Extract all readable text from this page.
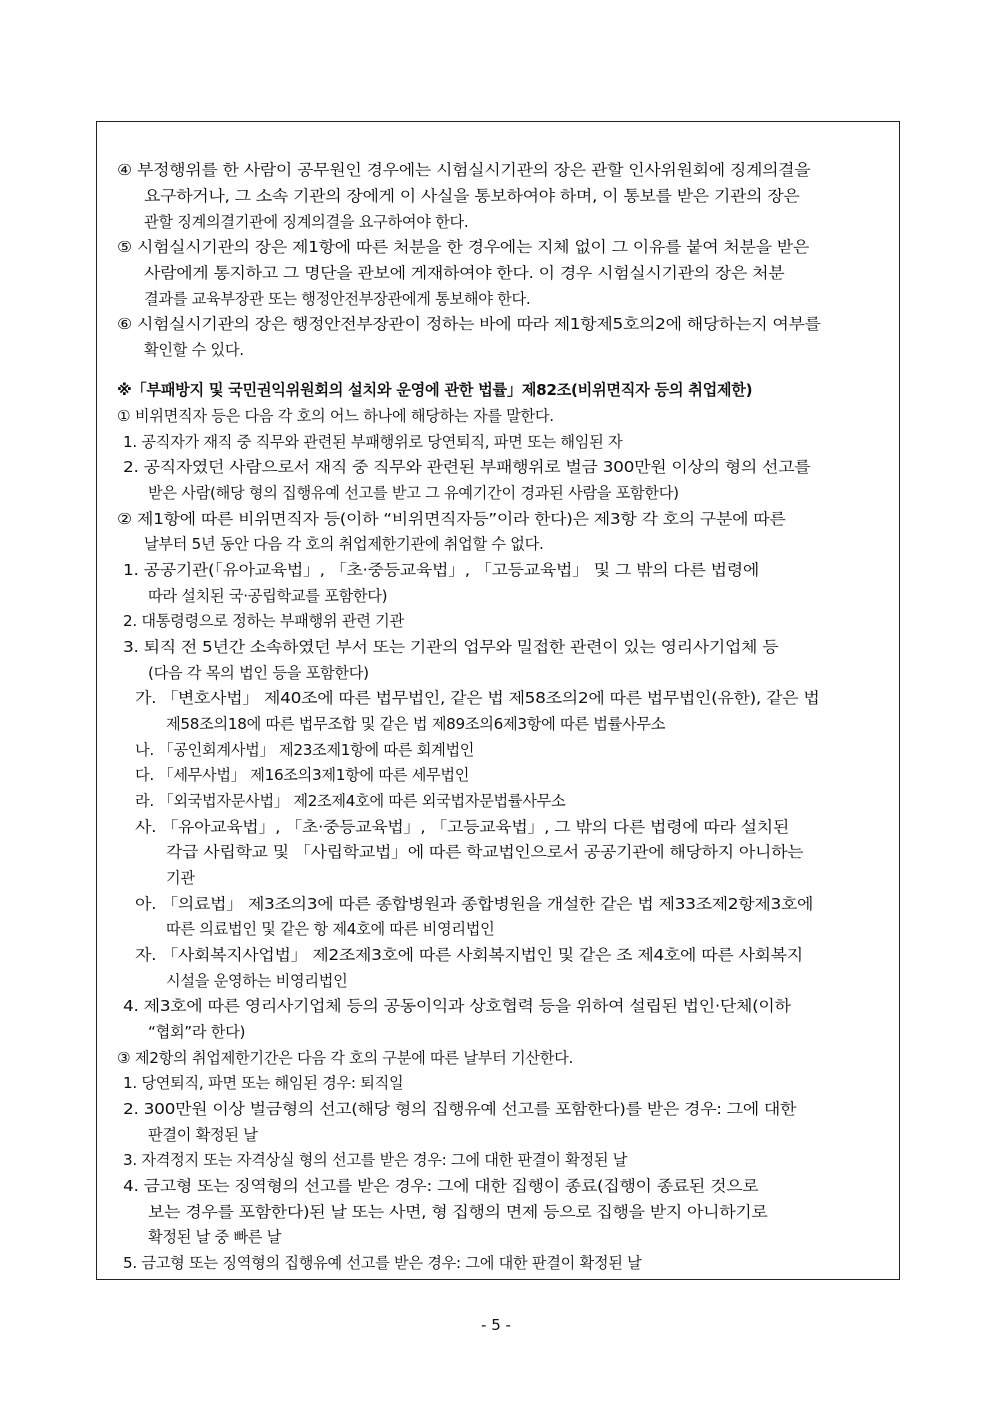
④ 부정행위를 한 사람이 공무원인 경우에는 시험실시기관의 장은 관할 인사위원회에 징계의결을
요구하거나, 그 소속 기관의 장에게 이 사실을 통보하여야 하며, 이 통보를 받은 기관의 장은
관할 징계의결기관에 징계의결을 요구하여야 한다.
⑤ 시험실시기관의 장은 제1항에 따른 처분을 한 경우에는 지체 없이 그 이유를 붙여 처분을 받은
사람에게 통지하고 그 명단을 관보에 게재하여야 한다. 이 경우 시험실시기관의 장은 처분
결과를 교육부장관 또는 행정안전부장관에게 통보해야 한다.
⑥ 시험실시기관의 장은 행정안전부장관이 정하는 바에 따라 제1항제5호의2에 해당하는지 여부를
확인할 수 있다.
※「부패방지 및 국민권익위원회의 설치와 운영에 관한 법률」제82조(비위면직자 등의 취업제한)
① 비위면직자 등은 다음 각 호의 어느 하나에 해당하는 자를 말한다.
1. 공직자가 재직 중 직무와 관련된 부패행위로 당연퇴직, 파면 또는 해임된 자
2. 공직자였던 사람으로서 재직 중 직무와 관련된 부패행위로 벌금 300만원 이상의 형의 선고를
받은 사람(해당 형의 집행유예 선고를 받고 그 유예기간이 경과된 사람을 포함한다)
② 제1항에 따른 비위면직자 등(이하 “비위면직자등”이라 한다)은 제3항 각 호의 구분에 따른
날부터 5년 동안 다음 각 호의 취업제한기관에 취업할 수 없다.
1. 공공기관(「유아교육법」, 「초·중등교육법」, 「고등교육법」 및 그 밖의 다른 법령에
따라 설치된 국·공립학교를 포함한다)
2. 대통령령으로 정하는 부패행위 관련 기관
3. 퇴직 전 5년간 소속하였던 부서 또는 기관의 업무와 밀접한 관련이 있는 영리사기업체 등
(다음 각 목의 법인 등을 포함한다)
가. 「변호사법」 제40조에 따른 법무법인, 같은 법 제58조의2에 따른 법무법인(유한), 같은 법
제58조의18에 따른 법무조합 및 같은 법 제89조의6제3항에 따른 법률사무소
나. 「공인회계사법」 제23조제1항에 따른 회계법인
다. 「세무사법」 제16조의3제1항에 따른 세무법인
라. 「외국법자문사법」 제2조제4호에 따른 외국법자문법률사무소
사. 「유아교육법」, 「초·중등교육법」, 「고등교육법」, 그 밖의 다른 법령에 따라 설치된
각급 사립학교 및 「사립학교법」에 따른 학교법인으로서 공공기관에 해당하지 아니하는
기관
아. 「의료법」 제3조의3에 따른 종합병원과 종합병원을 개설한 같은 법 제33조제2항제3호에
따른 의료법인 및 같은 항 제4호에 따른 비영리법인
자. 「사회복지사업법」 제2조제3호에 따른 사회복지법인 및 같은 조 제4호에 따른 사회복지
시설을 운영하는 비영리법인
4. 제3호에 따른 영리사기업체 등의 공동이익과 상호협력 등을 위하여 설립된 법인·단체(이하
“협회”라 한다)
③ 제2항의 취업제한기간은 다음 각 호의 구분에 따른 날부터 기산한다.
1. 당연퇴직, 파면 또는 해임된 경우: 퇴직일
2. 300만원 이상 벌금형의 선고(해당 형의 집행유예 선고를 포함한다)를 받은 경우: 그에 대한
판결이 확정된 날
3. 자격정지 또는 자격상실 형의 선고를 받은 경우: 그에 대한 판결이 확정된 날
4. 금고형 또는 징역형의 선고를 받은 경우: 그에 대한 집행이 종료(집행이 종료된 것으로
보는 경우를 포함한다)된 날 또는 사면, 형 집행의 면제 등으로 집행을 받지 아니하기로
확정된 날 중 빠른 날
5. 금고형 또는 징역형의 집행유예 선고를 받은 경우: 그에 대한 판결이 확정된 날
- 5 -
